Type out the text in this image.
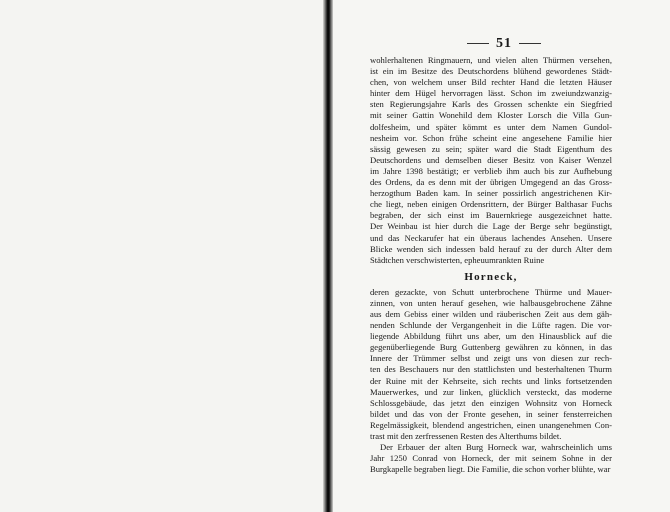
51
wohlerhaltenen Ringmauern, und vielen alten Thürmen versehen,
ist ein im Besitze des Deutschordens blühend gewordenes Städt-
chen, von welchem unser Bild rechter Hand die letzten Häuser
hinter dem Hügel hervorragen lässt. Schon im zweiundzwanzig-
sten Regierungsjahre Karls des Grossen schenkte ein Siegfried
mit seiner Gattin Wonehild dem Kloster Lorsch die Villa Gun-
dolfesheim, und später kömmt es unter dem Namen Gundol-
nesheim vor. Schon frühe scheint eine angesehene Familie hier
sässig gewesen zu sein; später ward die Stadt Eigenthum des
Deutschordens und demselben dieser Besitz von Kaiser Wenzel
im Jahre 1398 bestätigt; er verblieb ihm auch bis zur Aufhebung
des Ordens, da es denn mit der übrigen Umgegend an das Gross-
herzogthum Baden kam. In seiner possirlich angestrichenen Kir-
che liegt, neben einigen Ordensrittern, der Bürger Balthasar Fuchs
begraben, der sich einst im Bauernkriege ausgezeichnet hatte.
Der Weinbau ist hier durch die Lage der Berge sehr begünstigt,
und das Neckarufer hat ein überaus lachendes Ansehen. Unsere
Blicke wenden sich indessen bald herauf zu der durch Alter dem
Städtchen verschwisterten, epheuumrankten Ruine
Horneck,
deren gezackte, von Schutt unterbrochene Thürme und Mauer-
zinnen, von unten herauf gesehen, wie halbausgebrochene Zähne
aus dem Gebiss einer wilden und räuberischen Zeit aus dem gäh-
nenden Schlunde der Vergangenheit in die Lüfte ragen. Die vor-
liegende Abbildung führt uns aber, um den Hinausblick auf die
gegenüberliegende Burg Guttenberg gewähren zu können, in das
Innere der Trümmer selbst und zeigt uns von diesen zur rech-
ten des Beschauers nur den stattlichsten und besterhaltenen Thurm
der Ruine mit der Kehrseite, sich rechts und links fortsetzenden
Mauerwerkes, und zur linken, glücklich versteckt, das moderne
Schlossgebäude, das jetzt den einzigen Wohnsitz von Horneck
bildet und das von der Fronte gesehen, in seiner fensterreichen
Regelmässigkeit, blendend angestrichen, einen unangenehmen Con-
trast mit den zerfressenen Resten des Alterthums bildet.
Der Erbauer der alten Burg Horneck war, wahrscheinlich ums
Jahr 1250 Conrad von Horneck, der mit seinem Sohne in der
Burgkapelle begraben liegt. Die Familie, die schon vorher blühte, war
